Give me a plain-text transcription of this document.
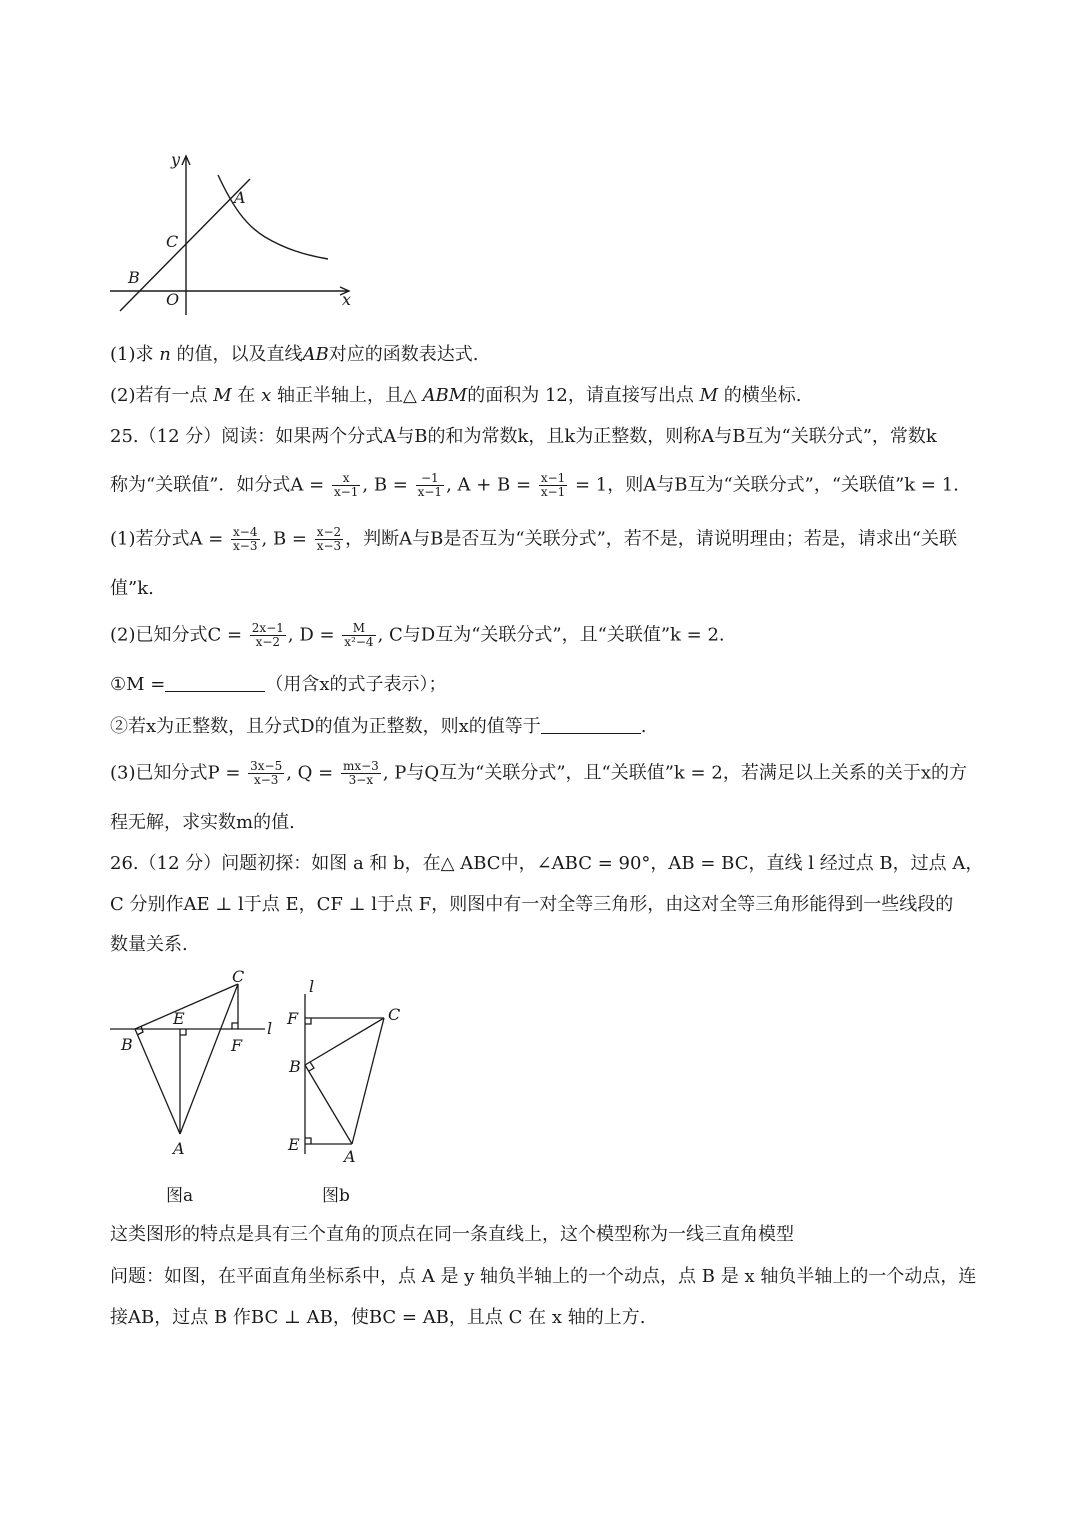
x
y
O
A
B
C
(1)求 n 的值，以及直线AB对应的函数表达式.
(2)若有一点 M 在 x 轴正半轴上，且△ ABM的面积为 12，请直接写出点 M 的横坐标.
25.（12 分）阅读：如果两个分式A与B的和为常数k，且k为正整数，则称A与B互为“关联分式”，常数k
称为“关联值”．如分式$A = \frac{x}{x-1}$ , $B = \frac{-1}{x-1}$ , $A + B = \frac{x-1}{x-1} = 1$，则A与B互为“关联分式”，“关联值”k = 1.
(1)若分式$A = \frac{x-4}{x-3}$ , $B = \frac{x-2}{x-3}$ ，判断A与B是否互为“关联分式”，若不是，请说明理由；若是，请求出“关联
值”k.
(2)已知分式$C = \frac{2x-1}{x-2}$ , $D = \frac{M}{\text{x²−4}}$ , C与D互为“关联分式”，且“关联值”k = 2.
①M =	（用含x的式子表示）；
②若x为正整数，且分式D的值为正整数，则x的值等于	.
(3)已知分式$P = \frac{3x-5}{x-3}$ , $Q = \frac{mx-3}{3-x}$ , P与Q互为“关联分式”，且“关联值”k = 2，若满足以上关系的关于x的方
程无解，求实数m的值.
26.（12 分）问题初探：如图 a 和 b，在△ ABC中，∠ABC = 90°，AB = BC，直线 l 经过点 B，过点 A，
C 分别作AE ⊥ l于点 E，CF ⊥ l于点 F，则图中有一对全等三角形，由这对全等三角形能得到一些线段的
数量关系.
C
E
B	F
l
A
图a
l
F	C
B
E
A
图b
这类图形的特点是具有三个直角的顶点在同一条直线上，这个模型称为一线三直角模型
问题：如图，在平面直角坐标系中，点 A 是 y 轴负半轴上的一个动点，点 B 是 x 轴负半轴上的一个动点，连
接AB，过点 B 作BC ⊥ AB，使BC = AB，且点 C 在 x 轴的上方.
